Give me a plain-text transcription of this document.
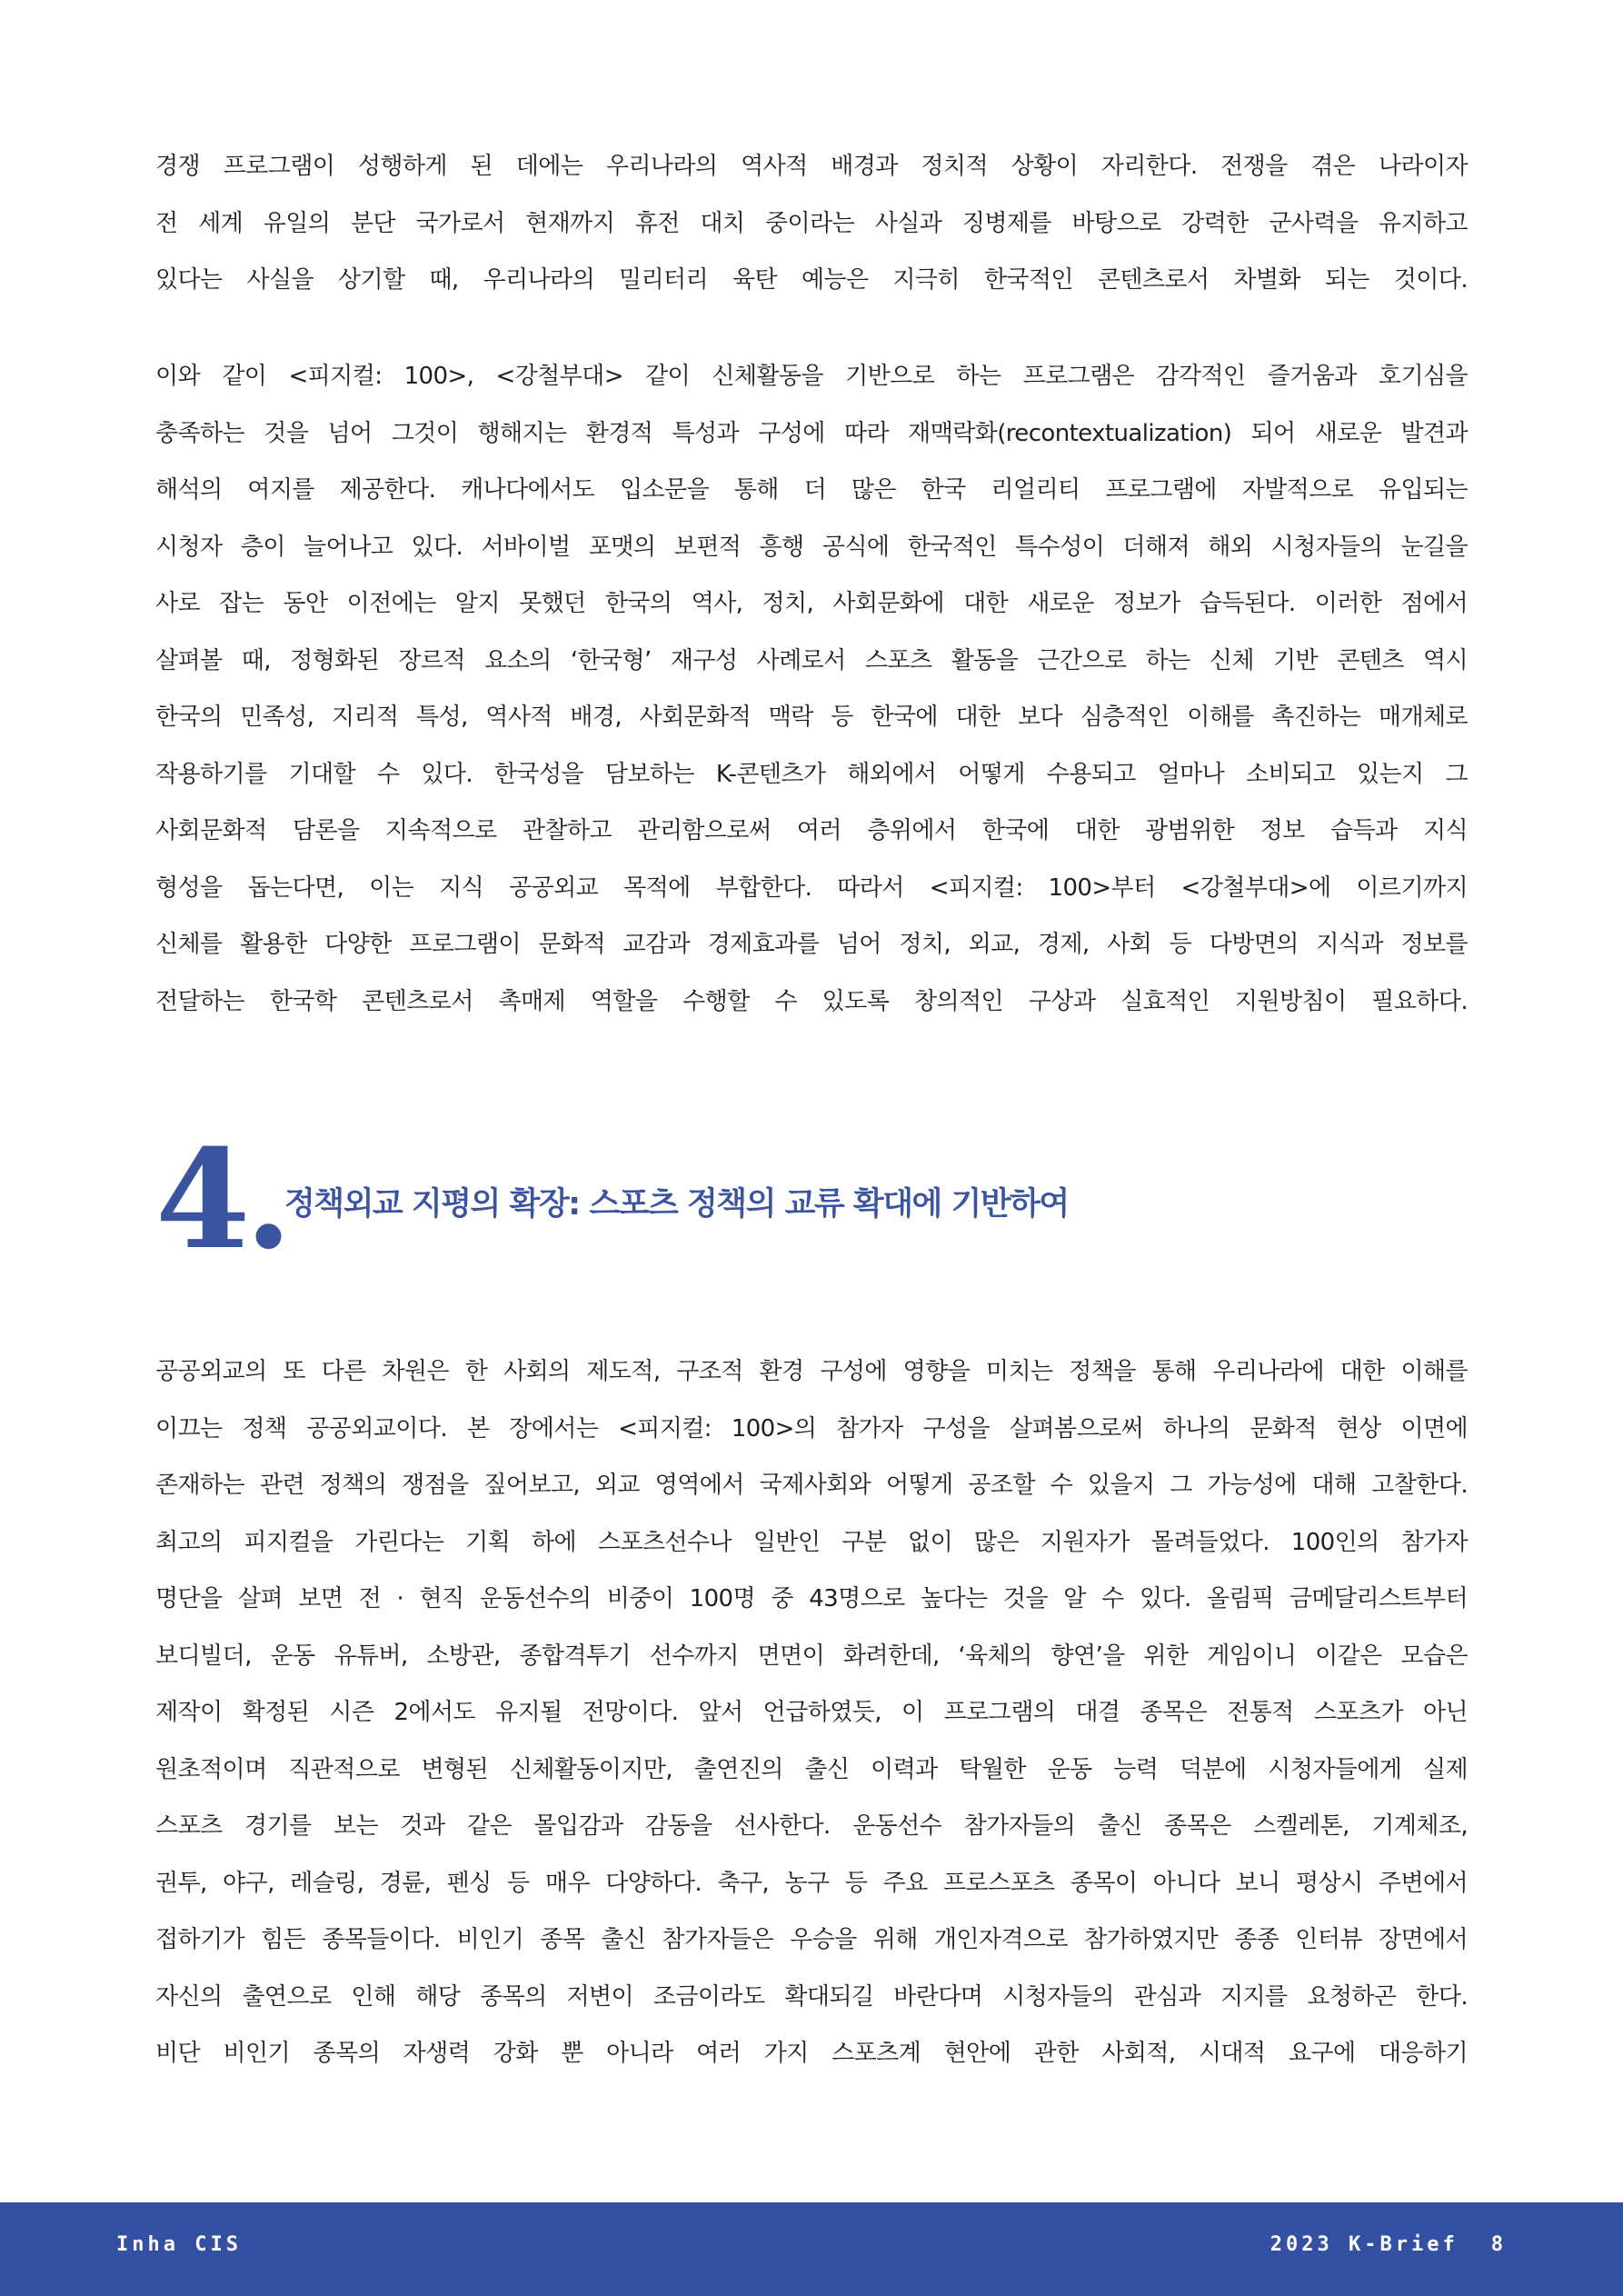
경쟁 프로그램이 성행하게 된 데에는 우리나라의 역사적 배경과 정치적 상황이 자리한다. 전쟁을 겪은 나라이자
전 세계 유일의 분단 국가로서 현재까지 휴전 대치 중이라는 사실과 징병제를 바탕으로 강력한 군사력을 유지하고
있다는 사실을 상기할 때, 우리나라의 밀리터리 육탄 예능은 지극히 한국적인 콘텐츠로서 차별화 되는 것이다.
이와 같이 <피지컬: 100>, <강철부대> 같이 신체활동을 기반으로 하는 프로그램은 감각적인 즐거움과 호기심을
충족하는 것을 넘어 그것이 행해지는 환경적 특성과 구성에 따라 재맥락화(recontextualization) 되어 새로운 발견과
해석의 여지를 제공한다. 캐나다에서도 입소문을 통해 더 많은 한국 리얼리티 프로그램에 자발적으로 유입되는
시청자 층이 늘어나고 있다. 서바이벌 포맷의 보편적 흥행 공식에 한국적인 특수성이 더해져 해외 시청자들의 눈길을
사로 잡는 동안 이전에는 알지 못했던 한국의 역사, 정치, 사회문화에 대한 새로운 정보가 습득된다. 이러한 점에서
살펴볼 때, 정형화된 장르적 요소의 ‘한국형’ 재구성 사례로서 스포츠 활동을 근간으로 하는 신체 기반 콘텐츠 역시
한국의 민족성, 지리적 특성, 역사적 배경, 사회문화적 맥락 등 한국에 대한 보다 심층적인 이해를 촉진하는 매개체로
작용하기를 기대할 수 있다. 한국성을 담보하는 K-콘텐츠가 해외에서 어떻게 수용되고 얼마나 소비되고 있는지 그
사회문화적 담론을 지속적으로 관찰하고 관리함으로써 여러 층위에서 한국에 대한 광범위한 정보 습득과 지식
형성을 돕는다면, 이는 지식 공공외교 목적에 부합한다. 따라서 <피지컬: 100>부터 <강철부대>에 이르기까지
신체를 활용한 다양한 프로그램이 문화적 교감과 경제효과를 넘어 정치, 외교, 경제, 사회 등 다방면의 지식과 정보를
전달하는 한국학 콘텐츠로서 촉매제 역할을 수행할 수 있도록 창의적인 구상과 실효적인 지원방침이 필요하다.
4.
정책외교 지평의 확장: 스포츠 정책의 교류 확대에 기반하여
공공외교의 또 다른 차원은 한 사회의 제도적, 구조적 환경 구성에 영향을 미치는 정책을 통해 우리나라에 대한 이해를
이끄는 정책 공공외교이다. 본 장에서는 <피지컬: 100>의 참가자 구성을 살펴봄으로써 하나의 문화적 현상 이면에
존재하는 관련 정책의 쟁점을 짚어보고, 외교 영역에서 국제사회와 어떻게 공조할 수 있을지 그 가능성에 대해 고찰한다.
최고의 피지컬을 가린다는 기획 하에 스포츠선수나 일반인 구분 없이 많은 지원자가 몰려들었다. 100인의 참가자
명단을 살펴 보면 전 · 현직 운동선수의 비중이 100명 중 43명으로 높다는 것을 알 수 있다. 올림픽 금메달리스트부터
보디빌더, 운동 유튜버, 소방관, 종합격투기 선수까지 면면이 화려한데, ‘육체의 향연’을 위한 게임이니 이같은 모습은
제작이 확정된 시즌 2에서도 유지될 전망이다. 앞서 언급하였듯, 이 프로그램의 대결 종목은 전통적 스포츠가 아닌
원초적이며 직관적으로 변형된 신체활동이지만, 출연진의 출신 이력과 탁월한 운동 능력 덕분에 시청자들에게 실제
스포츠 경기를 보는 것과 같은 몰입감과 감동을 선사한다. 운동선수 참가자들의 출신 종목은 스켈레톤, 기계체조,
권투, 야구, 레슬링, 경륜, 펜싱 등 매우 다양하다. 축구, 농구 등 주요 프로스포츠 종목이 아니다 보니 평상시 주변에서
접하기가 힘든 종목들이다. 비인기 종목 출신 참가자들은 우승을 위해 개인자격으로 참가하였지만 종종 인터뷰 장면에서
자신의 출연으로 인해 해당 종목의 저변이 조금이라도 확대되길 바란다며 시청자들의 관심과 지지를 요청하곤 한다.
비단 비인기 종목의 자생력 강화 뿐 아니라 여러 가지 스포츠계 현안에 관한 사회적, 시대적 요구에 대응하기
Inha CIS	2023 K-Brief 8
